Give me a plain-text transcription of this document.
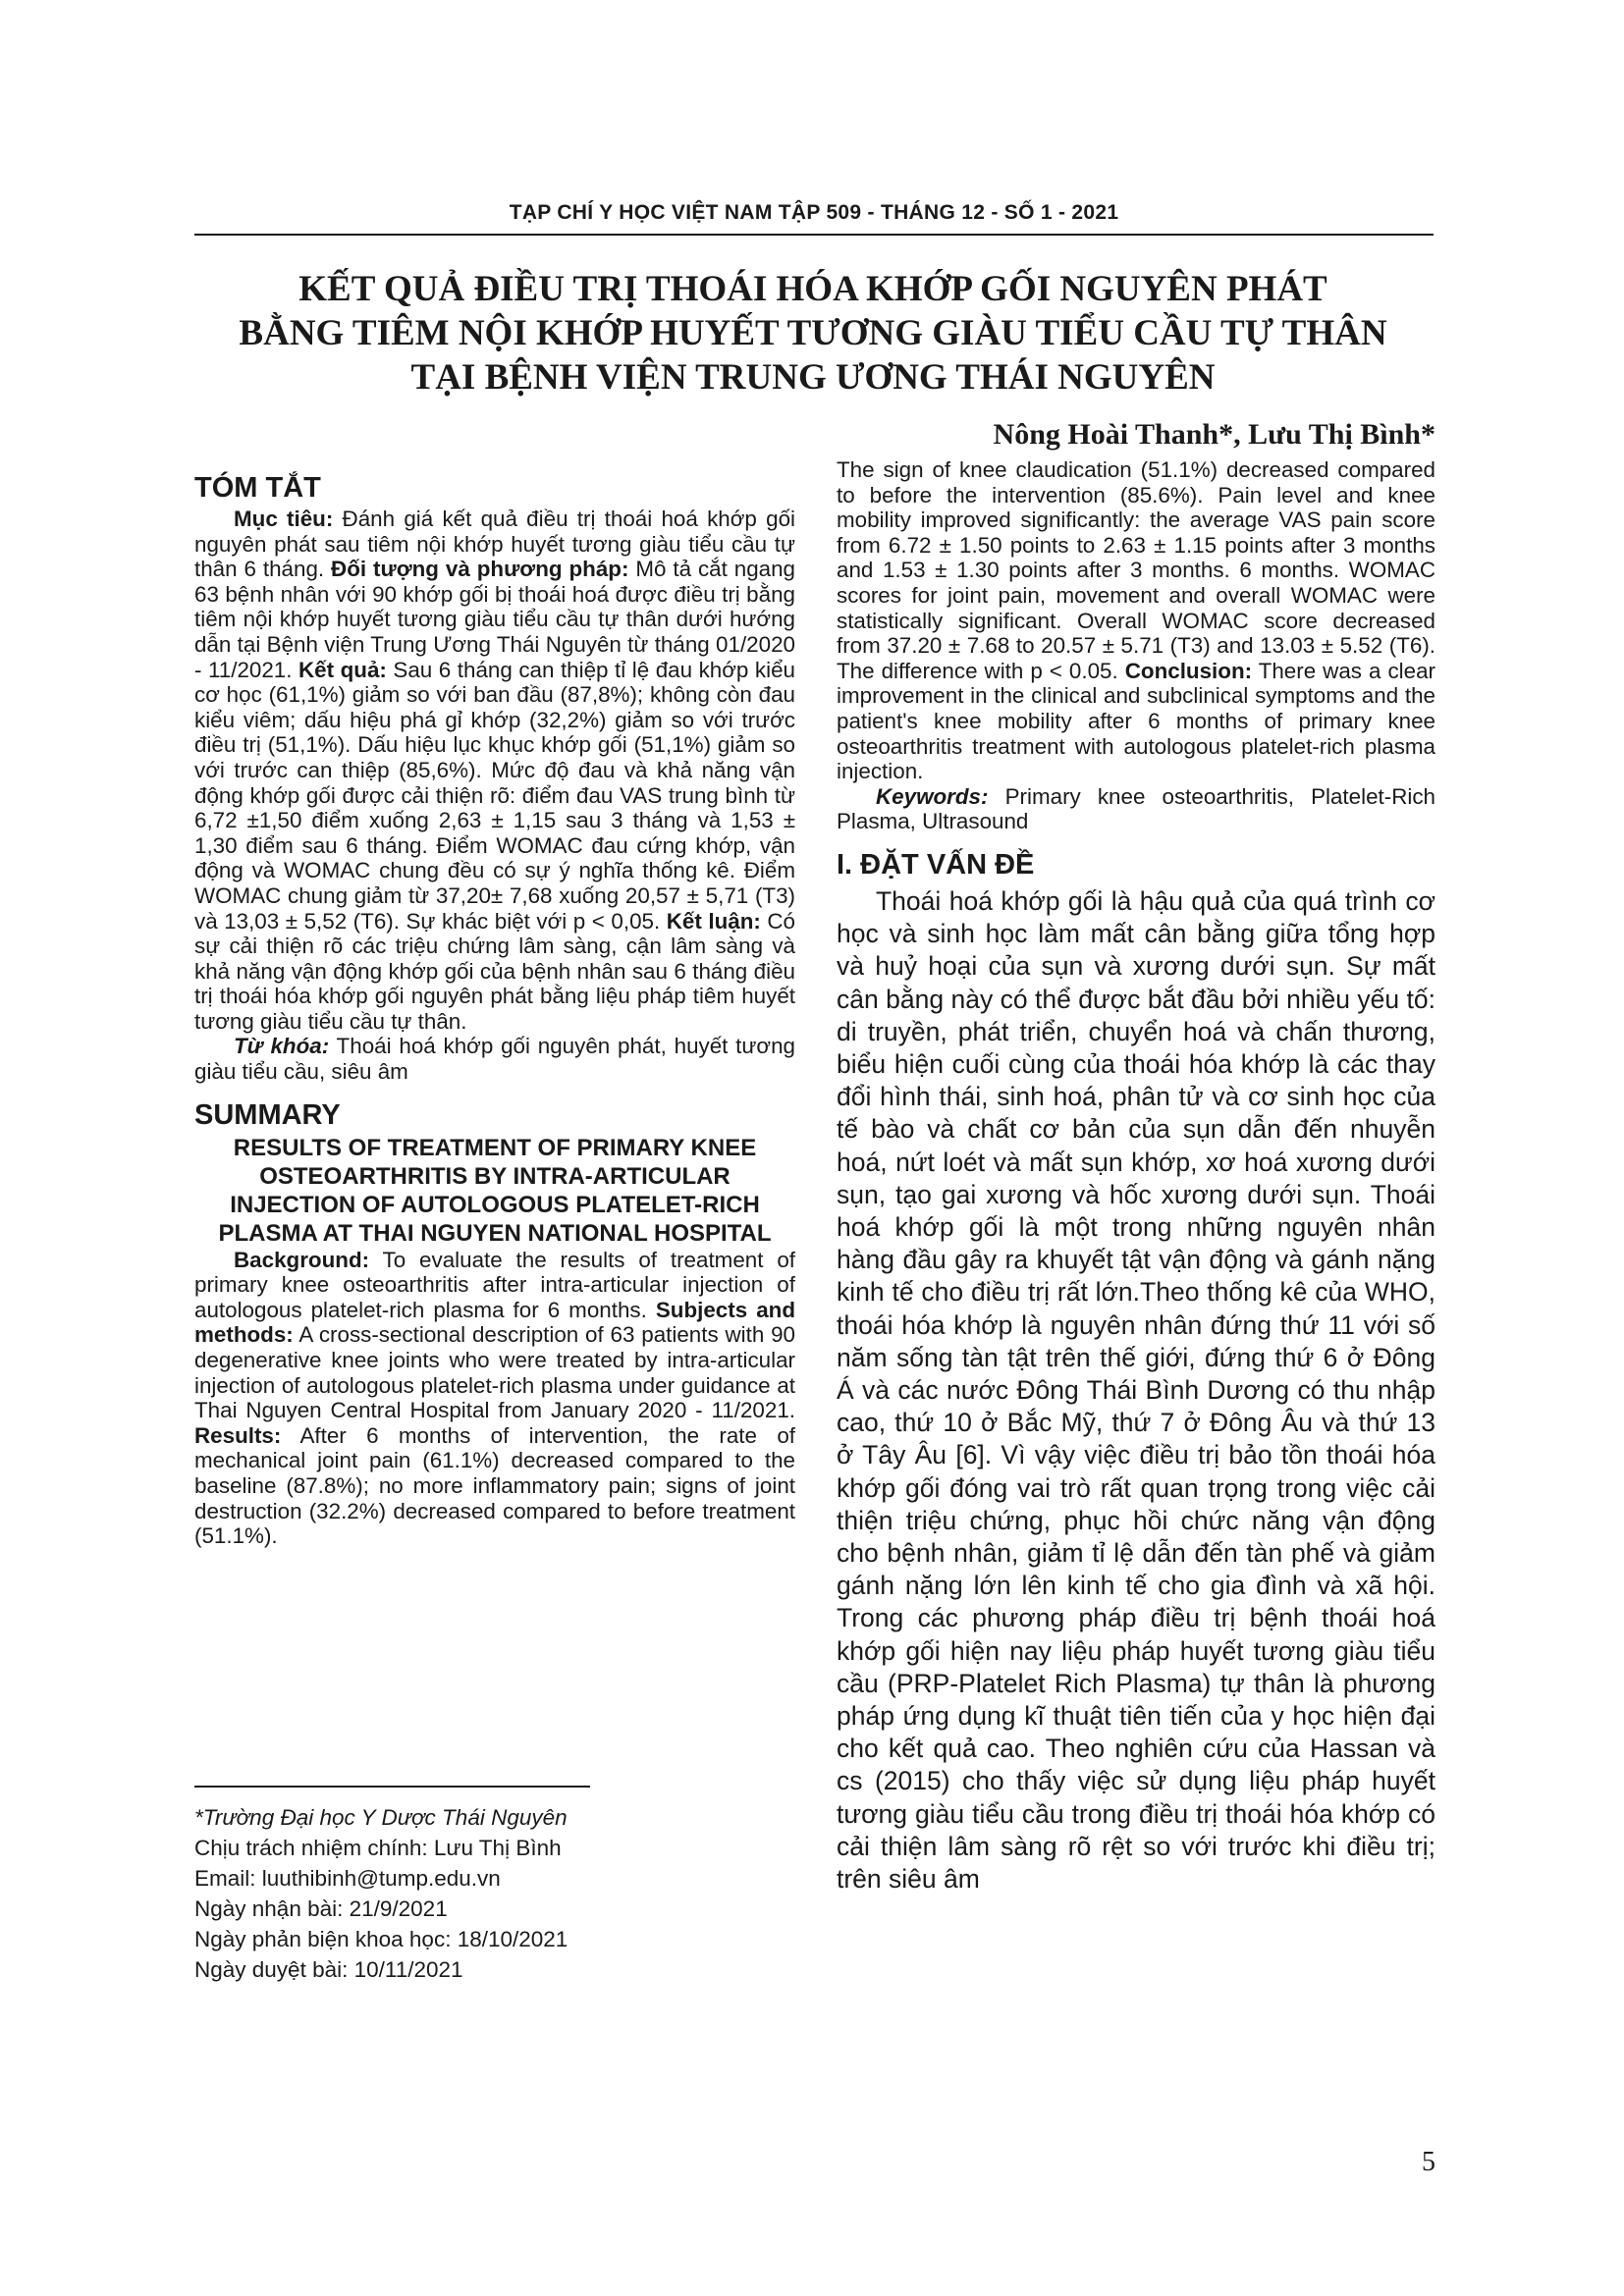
TẠP CHÍ Y HỌC VIỆT NAM TẬP 509 - THÁNG 12 - SỐ 1 - 2021
KẾT QUẢ ĐIỀU TRỊ THOÁI HÓA KHỚP GỐI NGUYÊN PHÁT
BẰNG TIÊM NỘI KHỚP HUYẾT TƯƠNG GIÀU TIỂU CẦU TỰ THÂN
TẠI BỆNH VIỆN TRUNG ƯƠNG THÁI NGUYÊN
Nông Hoài Thanh*, Lưu Thị Bình*
TÓM TẮT

Mục tiêu: Đánh giá kết quả điều trị thoái hoá khớp gối nguyên phát sau tiêm nội khớp huyết tương giàu tiểu cầu tự thân 6 tháng. Đối tượng và phương pháp: Mô tả cắt ngang 63 bệnh nhân với 90 khớp gối bị thoái hoá được điều trị bằng tiêm nội khớp huyết tương giàu tiểu cầu tự thân dưới hướng dẫn tại Bệnh viện Trung Ương Thái Nguyên từ tháng 01/2020 - 11/2021. Kết quả: Sau 6 tháng can thiệp tỉ lệ đau khớp kiểu cơ học (61,1%) giảm so với ban đầu (87,8%); không còn đau kiểu viêm; dấu hiệu phá gỉ khớp (32,2%) giảm so với trước điều trị (51,1%). Dấu hiệu lục khục khớp gối (51,1%) giảm so với trước can thiệp (85,6%). Mức độ đau và khả năng vận động khớp gối được cải thiện rõ: điểm đau VAS trung bình từ 6,72 ±1,50 điểm xuống 2,63 ± 1,15 sau 3 tháng và 1,53 ± 1,30 điểm sau 6 tháng. Điểm WOMAC đau cứng khớp, vận động và WOMAC chung đều có sự ý nghĩa thống kê. Điểm WOMAC chung giảm từ 37,20± 7,68 xuống 20,57 ± 5,71 (T3) và 13,03 ± 5,52 (T6). Sự khác biệt với p < 0,05. Kết luận: Có sự cải thiện rõ các triệu chứng lâm sàng, cận lâm sàng và khả năng vận động khớp gối của bệnh nhân sau 6 tháng điều trị thoái hóa khớp gối nguyên phát bằng liệu pháp tiêm huyết tương giàu tiểu cầu tự thân.

Từ khóa: Thoái hoá khớp gối nguyên phát, huyết tương giàu tiểu cầu, siêu âm

SUMMARY

RESULTS OF TREATMENT OF PRIMARY KNEE OSTEOARTHRITIS BY INTRA-ARTICULAR INJECTION OF AUTOLOGOUS PLATELET-RICH PLASMA AT THAI NGUYEN NATIONAL HOSPITAL

Background: To evaluate the results of treatment of primary knee osteoarthritis after intra-articular injection of autologous platelet-rich plasma for 6 months. Subjects and methods: A cross-sectional description of 63 patients with 90 degenerative knee joints who were treated by intra-articular injection of autologous platelet-rich plasma under guidance at Thai Nguyen Central Hospital from January 2020 - 11/2021. Results: After 6 months of intervention, the rate of mechanical joint pain (61.1%) decreased compared to the baseline (87.8%); no more inflammatory pain; signs of joint destruction (32.2%) decreased compared to before treatment (51.1%).

*Trường Đại học Y Dược Thái Nguyên
Chịu trách nhiệm chính: Lưu Thị Bình
Email: luuthibinh@tump.edu.vn
Ngày nhận bài: 21/9/2021
Ngày phản biện khoa học: 18/10/2021
Ngày duyệt bài: 10/11/2021

The sign of knee claudication (51.1%) decreased compared to before the intervention (85.6%). Pain level and knee mobility improved significantly: the average VAS pain score from 6.72 ± 1.50 points to 2.63 ± 1.15 points after 3 months and 1.53 ± 1.30 points after 3 months. 6 months. WOMAC scores for joint pain, movement and overall WOMAC were statistically significant. Overall WOMAC score decreased from 37.20 ± 7.68 to 20.57 ± 5.71 (T3) and 13.03 ± 5.52 (T6). The difference with p < 0.05. Conclusion: There was a clear improvement in the clinical and subclinical symptoms and the patient's knee mobility after 6 months of primary knee osteoarthritis treatment with autologous platelet-rich plasma injection.

Keywords: Primary knee osteoarthritis, Platelet-Rich Plasma, Ultrasound

I. ĐẶT VẤN ĐỀ

Thoái hoá khớp gối là hậu quả của quá trình cơ học và sinh học làm mất cân bằng giữa tổng hợp và huỷ hoại của sụn và xương dưới sụn. Sự mất cân bằng này có thể được bắt đầu bởi nhiều yếu tố: di truyền, phát triển, chuyển hoá và chấn thương, biểu hiện cuối cùng của thoái hóa khớp là các thay đổi hình thái, sinh hoá, phân tử và cơ sinh học của tế bào và chất cơ bản của sụn dẫn đến nhuyễn hoá, nứt loét và mất sụn khớp, xơ hoá xương dưới sụn, tạo gai xương và hốc xương dưới sụn. Thoái hoá khớp gối là một trong những nguyên nhân hàng đầu gây ra khuyết tật vận động và gánh nặng kinh tế cho điều trị rất lớn.Theo thống kê của WHO, thoái hóa khớp là nguyên nhân đứng thứ 11 với số năm sống tàn tật trên thế giới, đứng thứ 6 ở Đông Á và các nước Đông Thái Bình Dương có thu nhập cao, thứ 10 ở Bắc Mỹ, thứ 7 ở Đông Âu và thứ 13 ở Tây Âu [6]. Vì vậy việc điều trị bảo tồn thoái hóa khớp gối đóng vai trò rất quan trọng trong việc cải thiện triệu chứng, phục hồi chức năng vận động cho bệnh nhân, giảm tỉ lệ dẫn đến tàn phế và giảm gánh nặng lớn lên kinh tế cho gia đình và xã hội. Trong các phương pháp điều trị bệnh thoái hoá khớp gối hiện nay liệu pháp huyết tương giàu tiểu cầu (PRP-Platelet Rich Plasma) tự thân là phương pháp ứng dụng kĩ thuật tiên tiến của y học hiện đại cho kết quả cao. Theo nghiên cứu của Hassan và cs (2015) cho thấy việc sử dụng liệu pháp huyết tương giàu tiểu cầu trong điều trị thoái hóa khớp có cải thiện lâm sàng rõ rệt so với trước khi điều trị; trên siêu âm

5
